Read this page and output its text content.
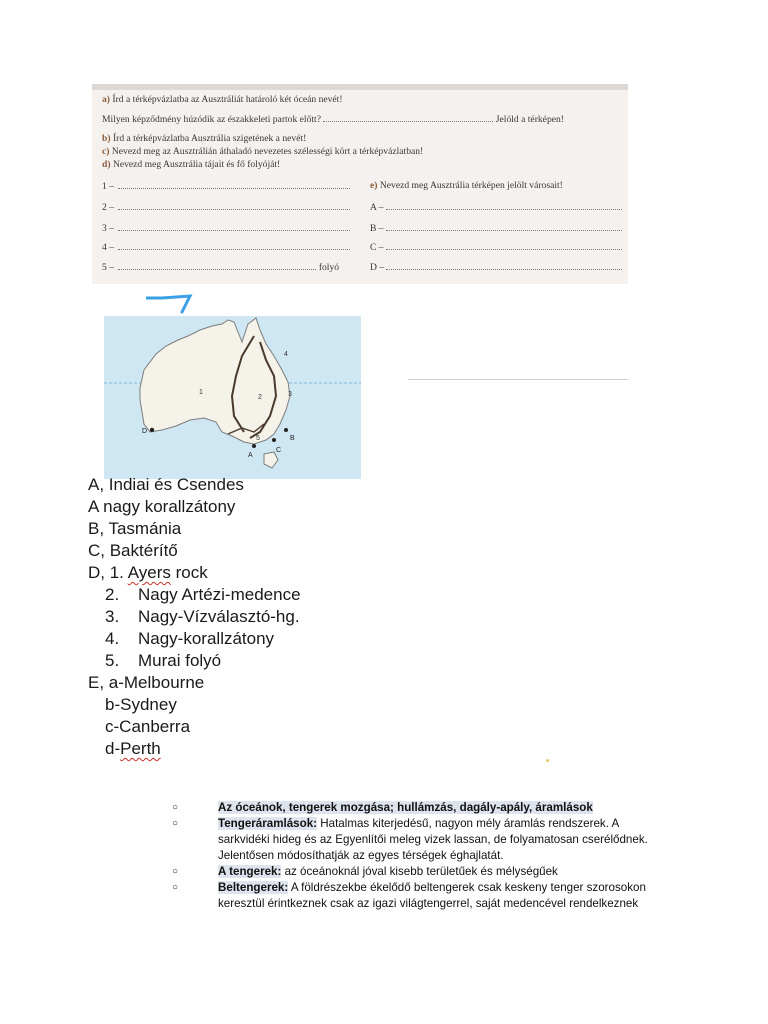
a) Írd a térképvázlatba az Ausztráliát határoló két óceán nevét!
Milyen képződmény húzódik az északkeleti partok előtt?	Jelöld a térképen!
b) Írd a térképvázlatba Ausztrália szigetének a nevét!
c) Nevezd meg az Ausztrálián áthaladó nevezetes szélességi kört a térképvázlatban!
d) Nevezd meg Ausztrália tájait és fő folyóját!
1 –
2 –
3 –
4 –
5 –	folyó
e) Nevezd meg Ausztrália térképen jelölt városait!
A –
B –
C –
D –
1
2	3
4
5
D
A
B
C
A, Indiai és Csendes
A nagy korallzátony
B, Tasmánia
C, Baktérítő
D, 1. Ayers rock
2. Nagy Artézi-medence
3. Nagy-Vízválasztó-hg.
4. Nagy-korallzátony
5. Murai folyó
E, a-Melbourne
b-Sydney
c-Canberra
d-Perth
○	Az óceánok, tengerek mozgása; hullámzás, dagály-apály, áramlások
○	Tengeráramlások: Hatalmas kiterjedésű, nagyon mély áramlás rendszerek. A sarkvidéki hideg és az Egyenlítői meleg vizek lassan, de folyamatosan cserélődnek. Jelentősen módosíthatják az egyes térségek éghajlatát.
○	A tengerek: az óceánoknál jóval kisebb területűek és mélységűek
○	Beltengerek: A földrészekbe ékelődő beltengerek csak keskeny tenger szorosokon keresztül érintkeznek csak az igazi világtengerrel, saját medencével rendelkeznek
